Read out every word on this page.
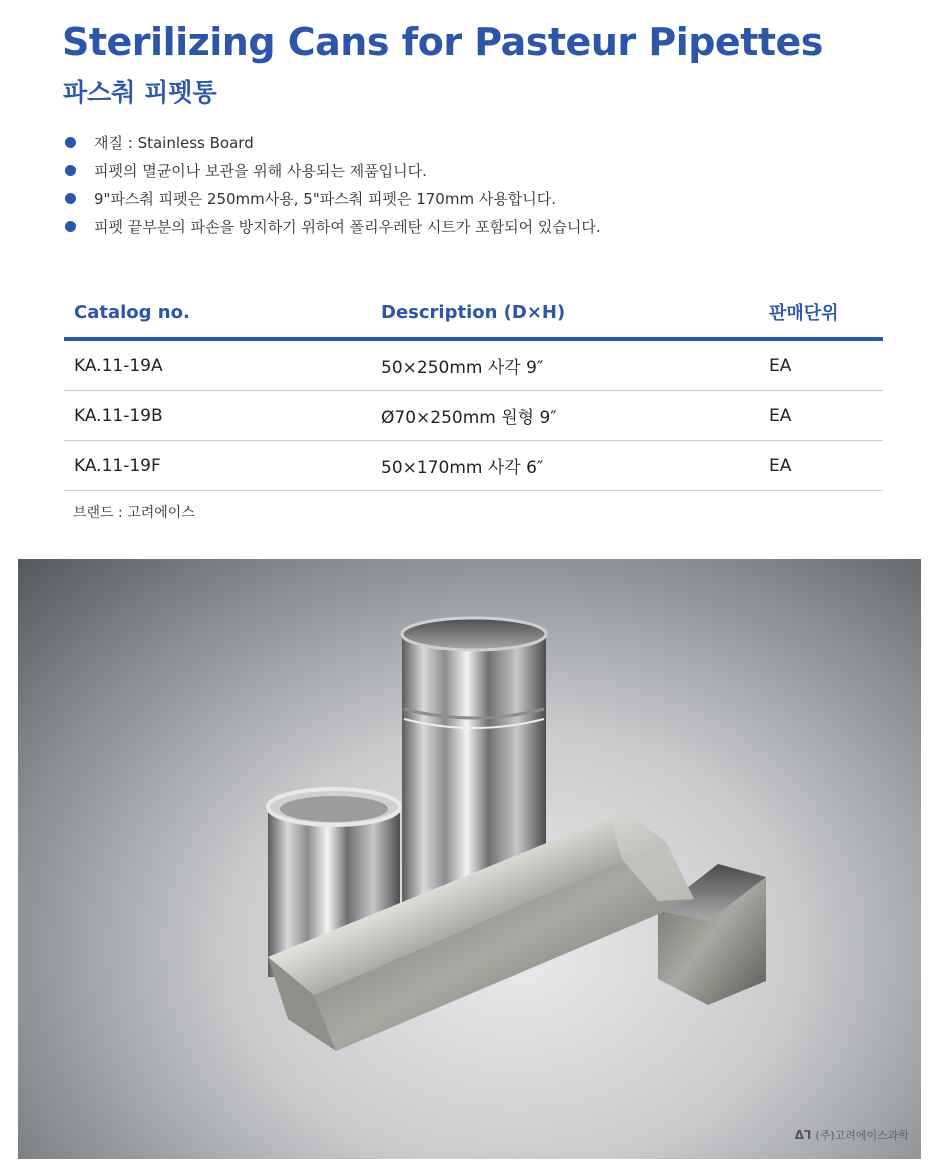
Sterilizing Cans for Pasteur Pipettes
파스춰 피펫통
재질 : Stainless Board
피펫의 멸균이나 보관을 위해 사용되는 제품입니다.
9"파스춰 피펫은 250mm사용, 5"파스춰 피펫은 170mm 사용합니다.
피펫 끝부분의 파손을 방지하기 위하여 폴리우레탄 시트가 포함되어 있습니다.
Catalog no.	Description (D×H)	판매단위
KA.11-19A	50×250mm 사각 9″	EA
KA.11-19B	Ø70×250mm 원형 9″	EA
KA.11-19F	50×170mm 사각 6″	EA
브랜드 : 고려에이스
ᐃᒣ (주)고려에이스과학
